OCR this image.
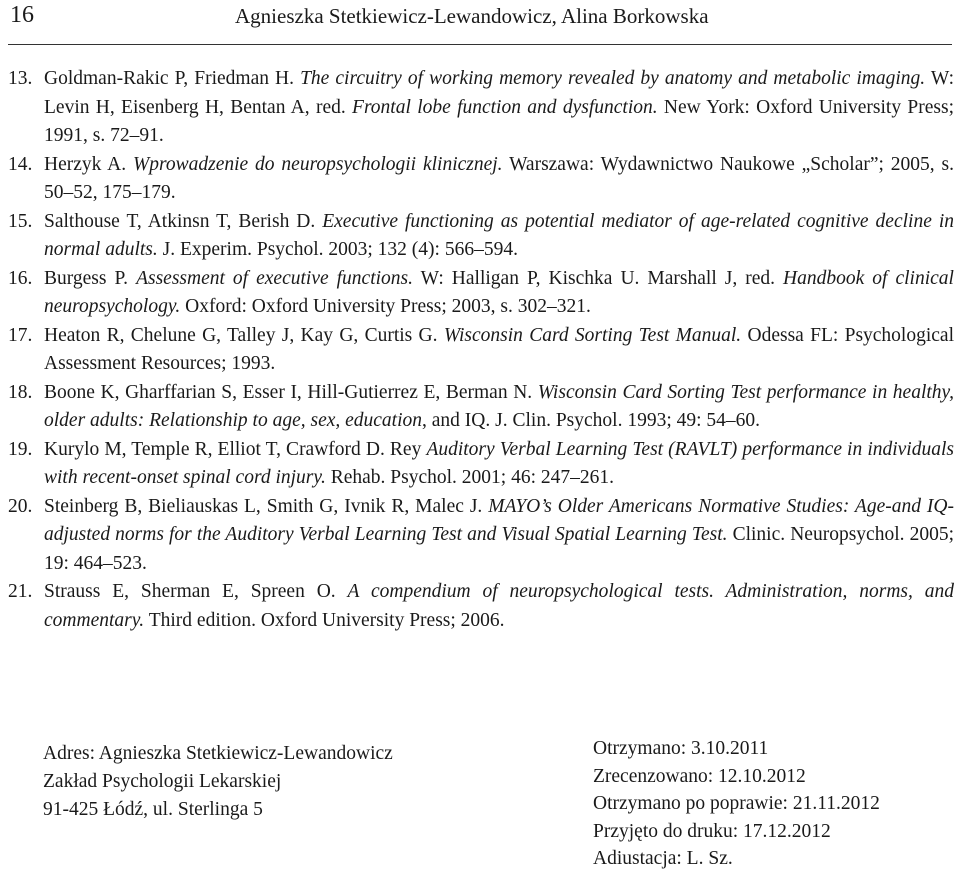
16	Agnieszka Stetkiewicz-Lewandowicz, Alina Borkowska
13. Goldman-Rakic P, Friedman H. The circuitry of working memory revealed by anatomy and metabolic imaging. W: Levin H, Eisenberg H, Bentan A, red. Frontal lobe function and dysfunction. New York: Oxford University Press; 1991, s. 72–91.
14. Herzyk A. Wprowadzenie do neuropsychologii klinicznej. Warszawa: Wydawnictwo Naukowe „Scholar”; 2005, s. 50–52, 175–179.
15. Salthouse T, Atkinsn T, Berish D. Executive functioning as potential mediator of age-related cognitive decline in normal adults. J. Experim. Psychol. 2003; 132 (4): 566–594.
16. Burgess P. Assessment of executive functions. W: Halligan P, Kischka U. Marshall J, red. Handbook of clinical neuropsychology. Oxford: Oxford University Press; 2003, s. 302–321.
17. Heaton R, Chelune G, Talley J, Kay G, Curtis G. Wisconsin Card Sorting Test Manual. Odessa FL: Psychological Assessment Resources; 1993.
18. Boone K, Gharffarian S, Esser I, Hill-Gutierrez E, Berman N. Wisconsin Card Sorting Test performance in healthy, older adults: Relationship to age, sex, education, and IQ. J. Clin. Psychol. 1993; 49: 54–60.
19. Kurylo M, Temple R, Elliot T, Crawford D. Rey Auditory Verbal Learning Test (RAVLT) performance in individuals with recent-onset spinal cord injury. Rehab. Psychol. 2001; 46: 247–261.
20. Steinberg B, Bieliauskas L, Smith G, Ivnik R, Malec J. MAYO’s Older Americans Normative Studies: Age-and IQ-adjusted norms for the Auditory Verbal Learning Test and Visual Spatial Learning Test. Clinic. Neuropsychol. 2005; 19: 464–523.
21. Strauss E, Sherman E, Spreen O. A compendium of neuropsychological tests. Administration, norms, and commentary. Third edition. Oxford University Press; 2006.
Adres: Agnieszka Stetkiewicz-Lewandowicz
Zakład Psychologii Lekarskiej
91-425 Łódź, ul. Sterlinga 5
Otrzymano: 3.10.2011
Zrecenzowano: 12.10.2012
Otrzymano po poprawie: 21.11.2012
Przyjęto do druku: 17.12.2012
Adiustacja: L. Sz.
